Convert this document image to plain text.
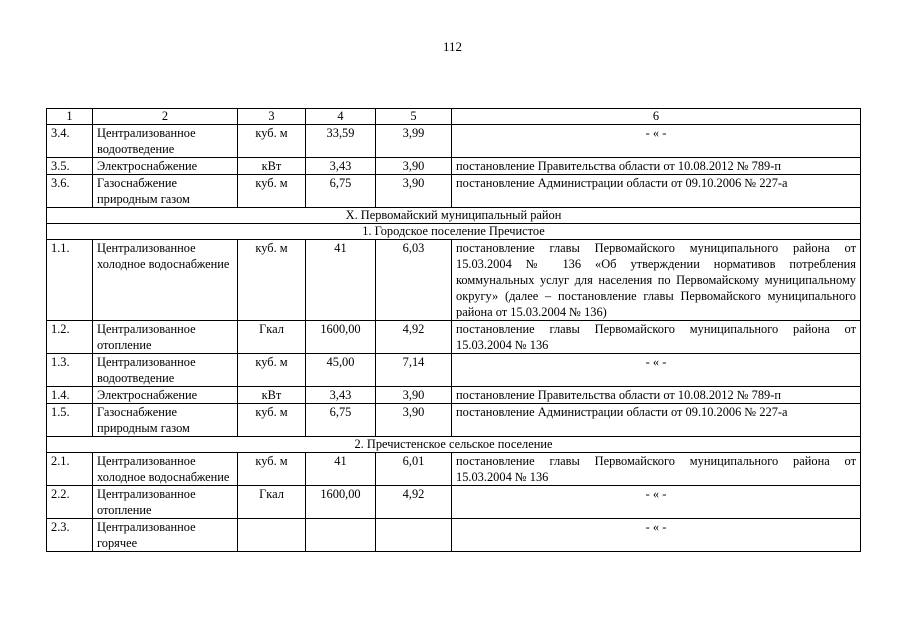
112
1	2	3	4	5	6
3.4.	Централизованное водоотведение	куб. м	33,59	3,99	- « -
3.5.	Электроснабжение	кВт	3,43	3,90	постановление Правительства области от 10.08.2012 № 789-п
3.6.	Газоснабжение природным газом	куб. м	6,75	3,90	постановление Администрации области от 09.10.2006 № 227-а
X. Первомайский муниципальный район					
1. Городское поселение Пречистое					
1.1.	Централизованное холодное водоснабжение	куб. м	41	6,03	постановление главы Первомайского муниципального района от 15.03.2004 № 136 «Об утверждении нормативов потребления коммунальных услуг для населения по Первомайскому муниципальному округу» (далее – постановление главы Первомайского муниципального района от 15.03.2004 № 136)
1.2.	Централизованное отопление	Гкал	1600,00	4,92	постановление главы Первомайского муниципального района от 15.03.2004 № 136
1.3.	Централизованное водоотведение	куб. м	45,00	7,14	- « -
1.4.	Электроснабжение	кВт	3,43	3,90	постановление Правительства области от 10.08.2012 № 789-п
1.5.	Газоснабжение природным газом	куб. м	6,75	3,90	постановление Администрации области от 09.10.2006 № 227-а
2. Пречистенское сельское поселение					
2.1.	Централизованное холодное водоснабжение	куб. м	41	6,01	постановление главы Первомайского муниципального района от 15.03.2004 № 136
2.2.	Централизованное отопление	Гкал	1600,00	4,92	- « -
2.3.	Централизованное горячее				- « -
